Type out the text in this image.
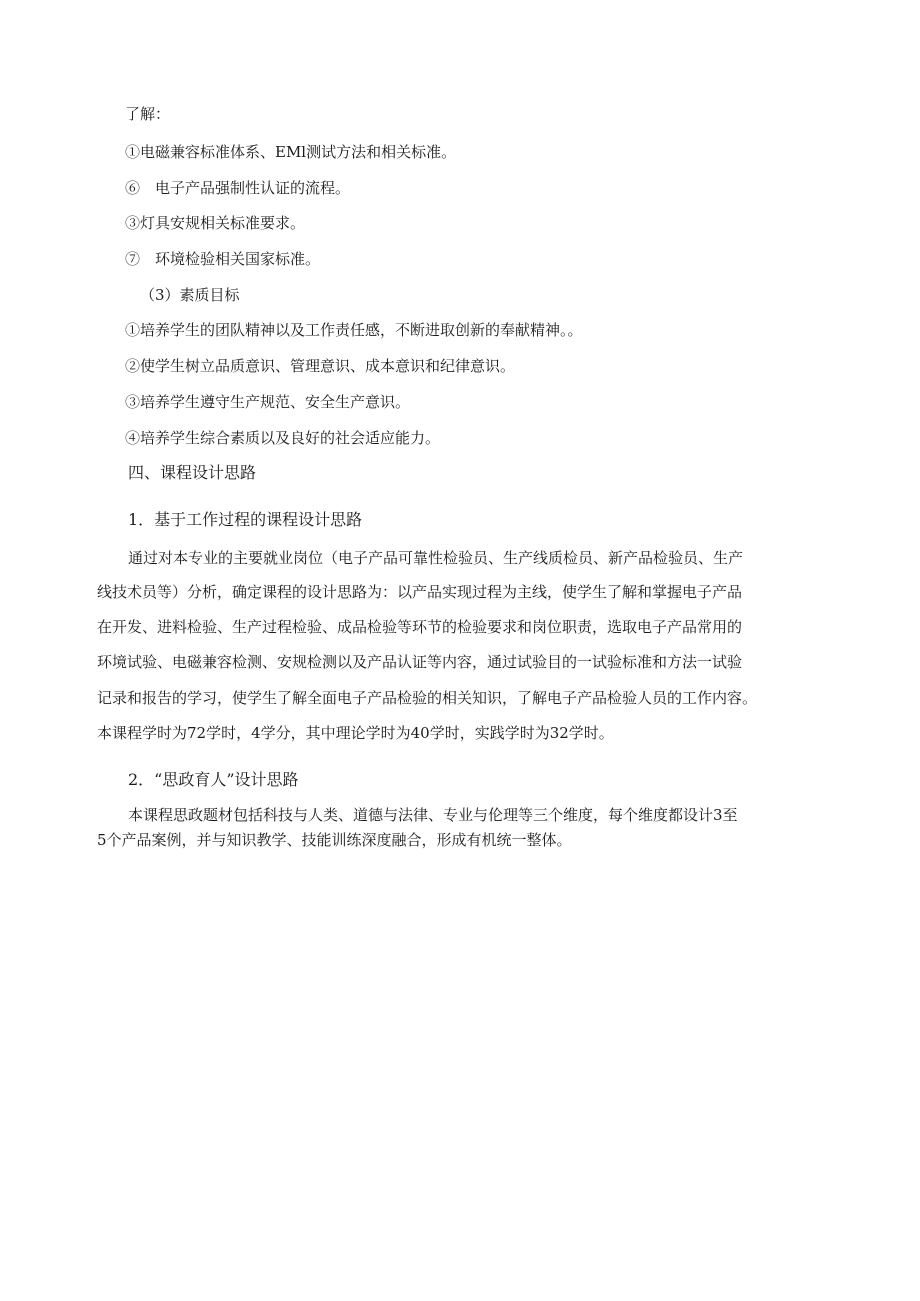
了解：
①电磁兼容标准体系、EMl测试方法和相关标准。
⑥　电子产品强制性认证的流程。
③灯具安规相关标准要求。
⑦　环境检验相关国家标准。
（3）素质目标
①培养学生的团队精神以及工作责任感，不断进取创新的奉献精神。。
②使学生树立品质意识、管理意识、成本意识和纪律意识。
③培养学生遵守生产规范、安全生产意识。
④培养学生综合素质以及良好的社会适应能力。
四、课程设计思路
1．基于工作过程的课程设计思路
通过对本专业的主要就业岗位（电子产品可靠性检验员、生产线质检员、新产品检验员、生产
线技术员等）分析，确定课程的设计思路为：以产品实现过程为主线，使学生了解和掌握电子产品
在开发、进料检验、生产过程检验、成品检验等环节的检验要求和岗位职责，选取电子产品常用的
环境试验、电磁兼容检测、安规检测以及产品认证等内容，通过试验目的一试验标准和方法一试验
记录和报告的学习，使学生了解全面电子产品检验的相关知识，了解电子产品检验人员的工作内容。
本课程学时为72学时，4学分，其中理论学时为40学时，实践学时为32学时。
2．“思政育人”设计思路
本课程思政题材包括科技与人类、道德与法律、专业与伦理等三个维度，每个维度都设计3至
5个产品案例，并与知识教学、技能训练深度融合，形成有机统一整体。
